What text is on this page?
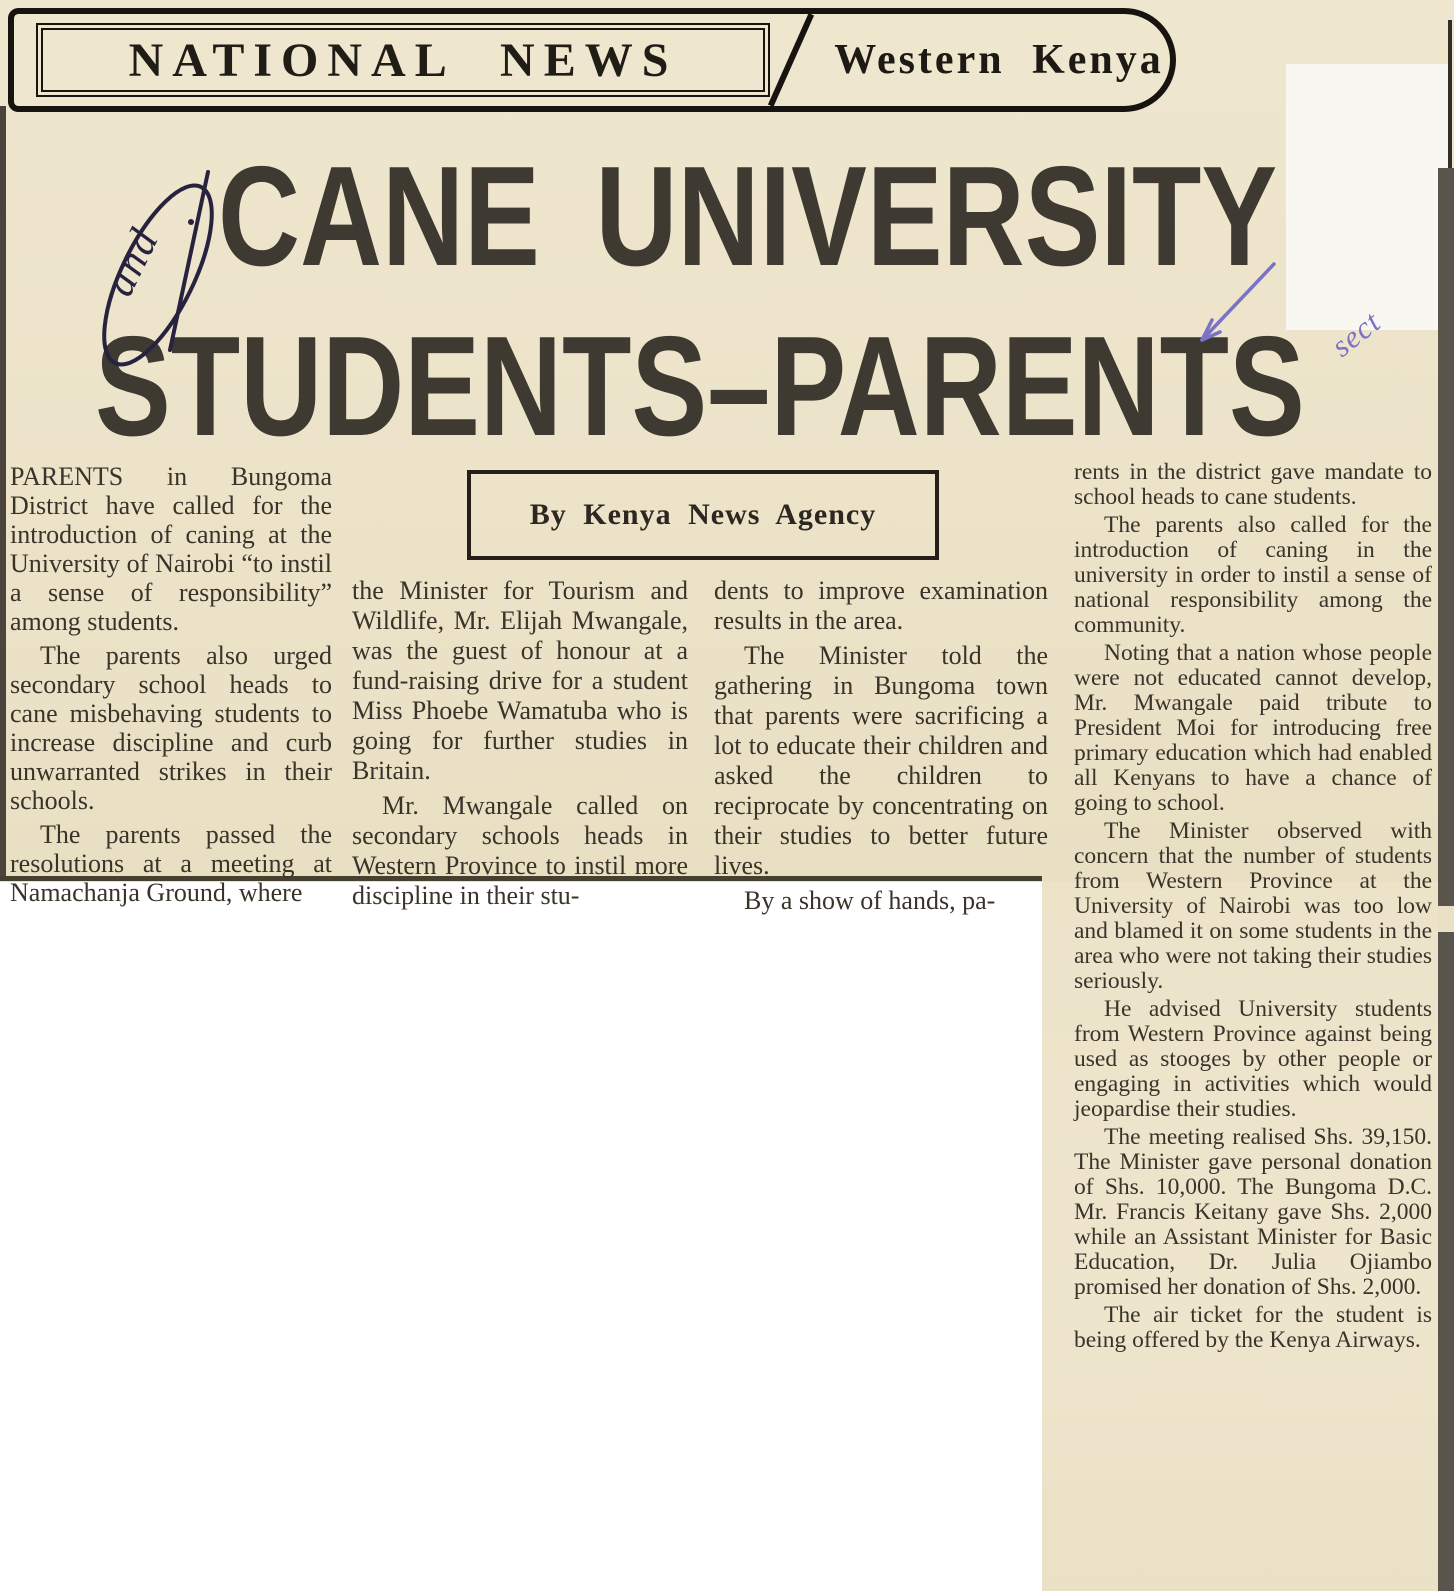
NATIONAL NEWS	Western Kenya
CANE UNIVERSITY
STUDENTS–PARENTS
and
sect
By Kenya News Agency

PARENTS in Bungoma District have called for the introduction of caning at the University of Nairobi “to instil a sense of responsibility” among students.

The parents also urged secondary school heads to cane misbehaving students to increase discipline and curb unwarranted strikes in their schools.

The parents passed the resolutions at a meeting at Namachanja Ground, where

the Minister for Tourism and Wildlife, Mr. Elijah Mwangale, was the guest of honour at a fund-raising drive for a student Miss Phoebe Wamatuba who is going for further studies in Britain.

Mr. Mwangale called on secondary schools heads in Western Province to instil more discipline in their stu-

dents to improve examination results in the area.

The Minister told the gathering in Bungoma town that parents were sacrificing a lot to educate their children and asked the children to reciprocate by concentrating on their studies to better future lives.

By a show of hands, pa-

rents in the district gave mandate to school heads to cane students.

The parents also called for the introduction of caning in the university in order to instil a sense of national responsibility among the community.

Noting that a nation whose people were not educated cannot develop, Mr. Mwangale paid tribute to President Moi for introducing free primary education which had enabled all Kenyans to have a chance of going to school.

The Minister observed with concern that the number of students from Western Province at the University of Nairobi was too low and blamed it on some students in the area who were not taking their studies seriously.

He advised University students from Western Province against being used as stooges by other people or engaging in activities which would jeopardise their studies.

The meeting realised Shs. 39,150. The Minister gave personal donation of Shs. 10,000. The Bungoma D.C. Mr. Francis Keitany gave Shs. 2,000 while an Assistant Minister for Basic Education, Dr. Julia Ojiambo promised her donation of Shs. 2,000.

The air ticket for the student is being offered by the Kenya Airways.
